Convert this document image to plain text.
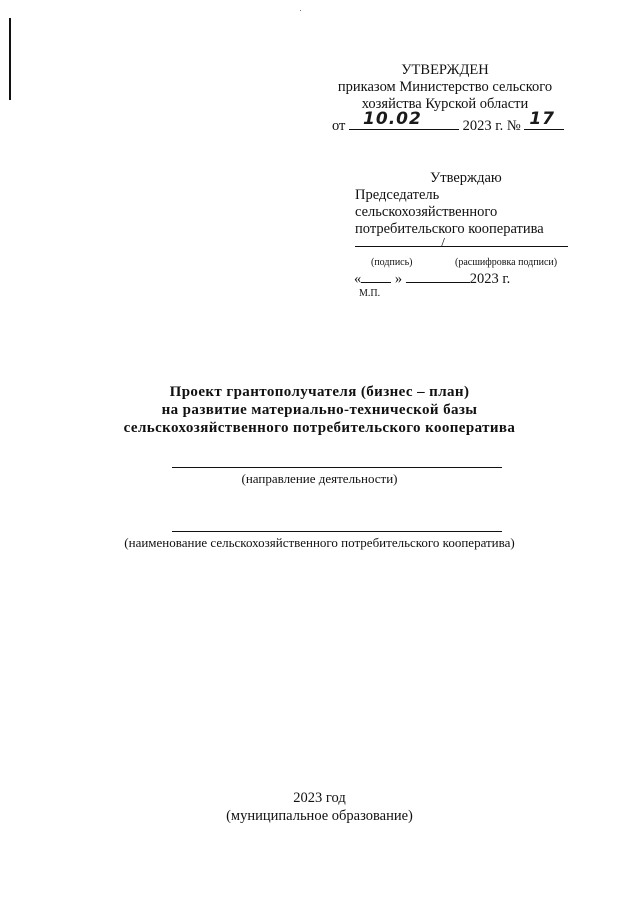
УТВЕРЖДЕН
приказом Министерство сельского
хозяйства Курской области
от 10.02	2023 г. № 17
Утверждаю
Председатель
сельскохозяйственного
потребительского кооператива
/
(подпись)	(расшифровка подписи)
« »	2023 г.
М.П.
Проект грантополучателя (бизнес – план)
на развитие материально-технической базы
сельскохозяйственного потребительского кооператива
(направление деятельности)
(наименование сельскохозяйственного потребительского кооператива)
2023 год
(муниципальное образование)
